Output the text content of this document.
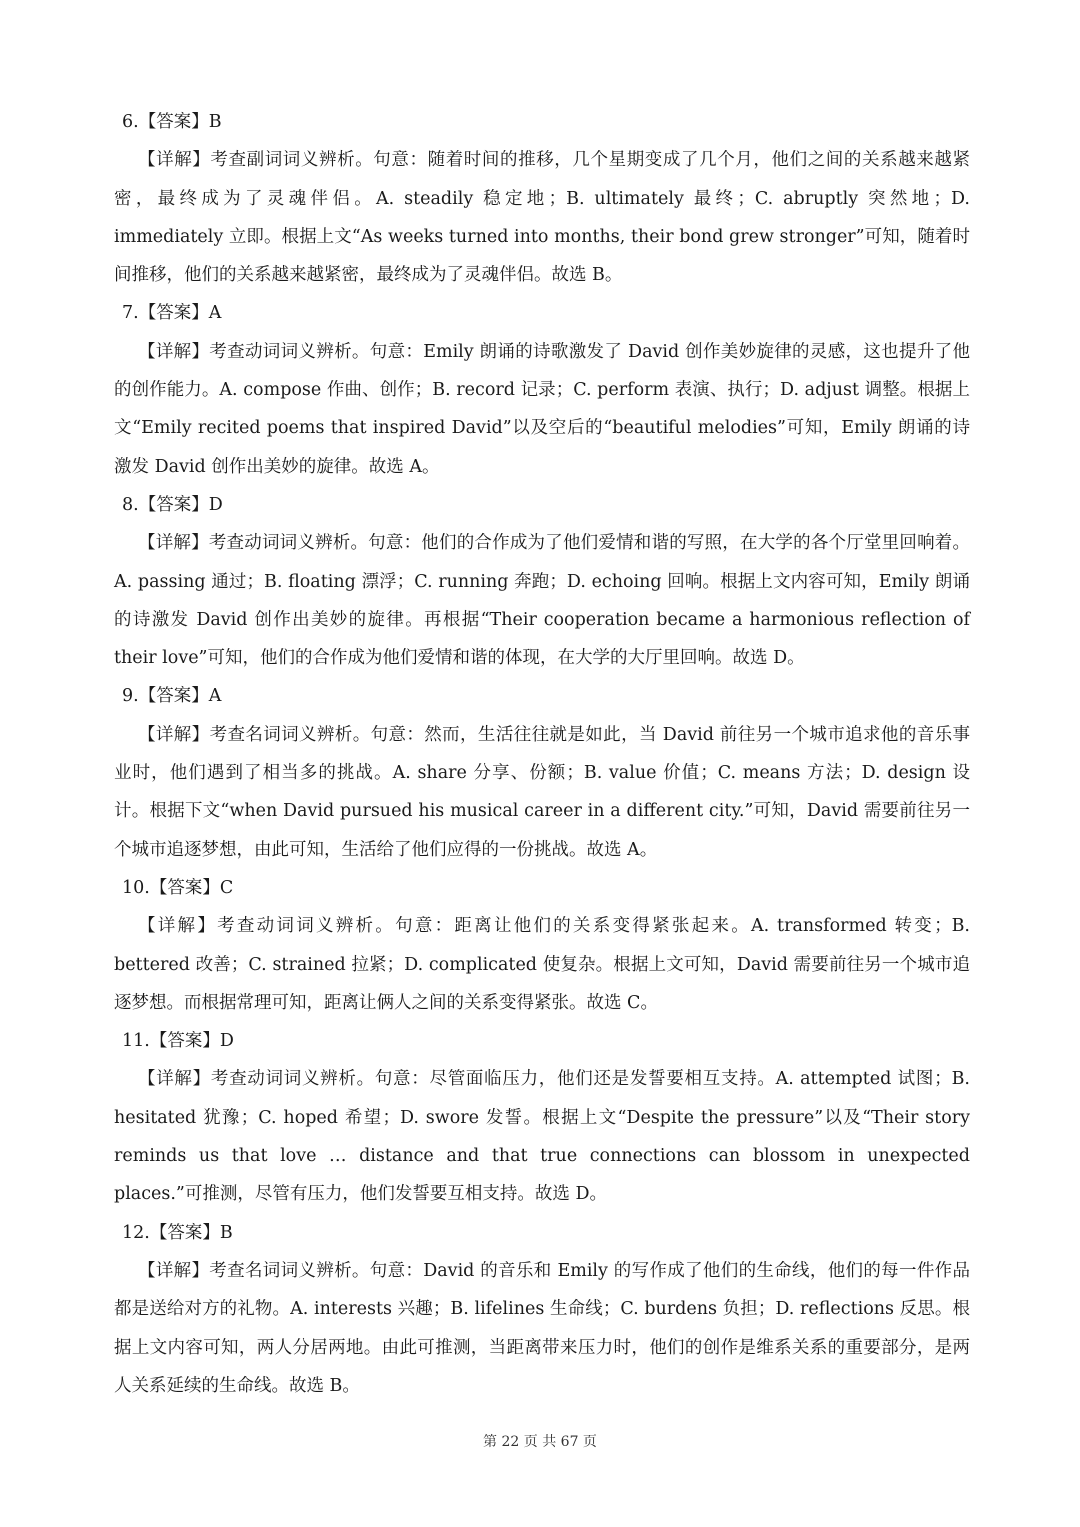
6.【答案】B

【详解】考查副词词义辨析。句意：随着时间的推移，几个星期变成了几个月，他们之间的关系越来越紧密，最终成为了灵魂伴侣。A. steadily 稳定地；B. ultimately 最终；C. abruptly 突然地；D. immediately 立即。根据上文“As weeks turned into months, their bond grew stronger”可知，随着时间推移，他们的关系越来越紧密，最终成为了灵魂伴侣。故选 B。

7.【答案】A

【详解】考查动词词义辨析。句意：Emily 朗诵的诗歌激发了 David 创作美妙旋律的灵感，这也提升了他的创作能力。A. compose 作曲、创作；B. record 记录；C. perform 表演、执行；D. adjust 调整。根据上文“Emily recited poems that inspired David”以及空后的“beautiful melodies”可知，Emily 朗诵的诗激发 David 创作出美妙的旋律。故选 A。

8.【答案】D

【详解】考查动词词义辨析。句意：他们的合作成为了他们爱情和谐的写照，在大学的各个厅堂里回响着。A. passing 通过；B. floating 漂浮；C. running 奔跑；D. echoing 回响。根据上文内容可知，Emily 朗诵的诗激发 David 创作出美妙的旋律。再根据“Their cooperation became a harmonious reflection of their love”可知，他们的合作成为他们爱情和谐的体现，在大学的大厅里回响。故选 D。

9.【答案】A

【详解】考查名词词义辨析。句意：然而，生活往往就是如此，当 David 前往另一个城市追求他的音乐事业时，他们遇到了相当多的挑战。A. share 分享、份额；B. value 价值；C. means 方法；D. design 设计。根据下文“when David pursued his musical career in a different city.”可知，David 需要前往另一个城市追逐梦想，由此可知，生活给了他们应得的一份挑战。故选 A。

10.【答案】C

【详解】考查动词词义辨析。句意：距离让他们的关系变得紧张起来。A. transformed 转变；B. bettered 改善；C. strained 拉紧；D. complicated 使复杂。根据上文可知，David 需要前往另一个城市追逐梦想。而根据常理可知，距离让俩人之间的关系变得紧张。故选 C。

11.【答案】D

【详解】考查动词词义辨析。句意：尽管面临压力，他们还是发誓要相互支持。A. attempted 试图；B. hesitated 犹豫；C. hoped 希望；D. swore 发誓。根据上文“Despite the pressure”以及“Their story reminds us that love … distance and that true connections can blossom in unexpected places.”可推测，尽管有压力，他们发誓要互相支持。故选 D。

12.【答案】B

【详解】考查名词词义辨析。句意：David 的音乐和 Emily 的写作成了他们的生命线，他们的每一件作品都是送给对方的礼物。A. interests 兴趣；B. lifelines 生命线；C. burdens 负担；D. reflections 反思。根据上文内容可知，两人分居两地。由此可推测，当距离带来压力时，他们的创作是维系关系的重要部分，是两人关系延续的生命线。故选 B。

第 22 页 共 67 页
